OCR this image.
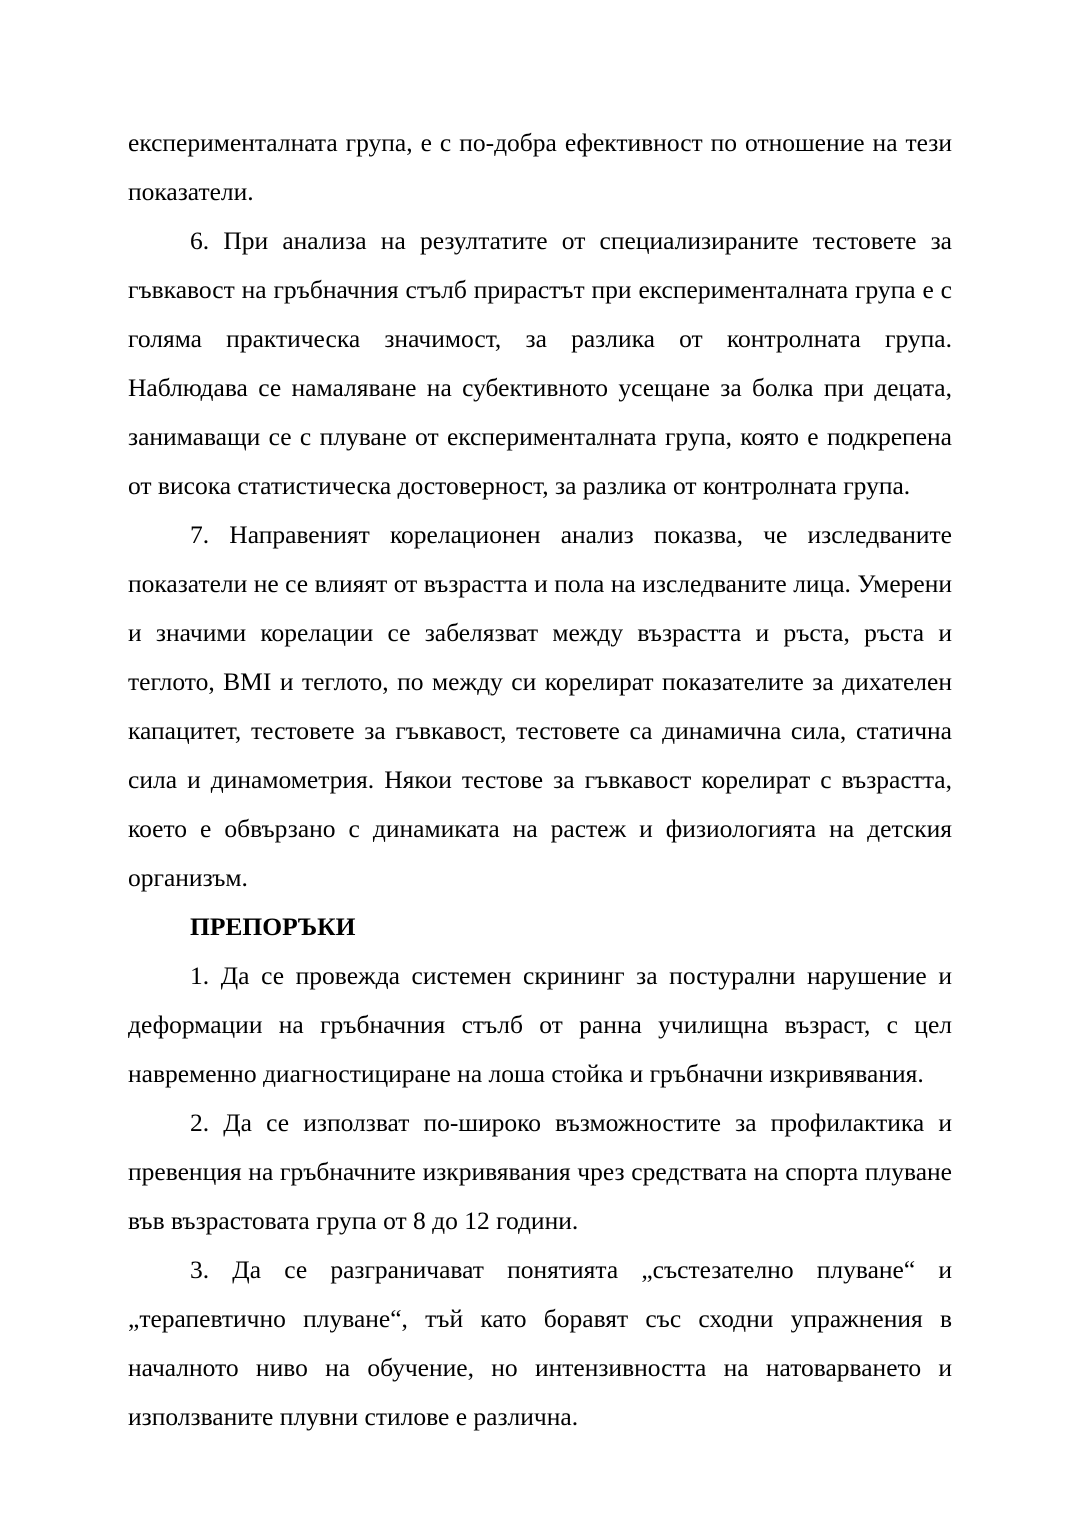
експерименталната група, е с по-добра ефективност по отношение на тези показатели.

6. При анализа на резултатите от специализираните тестовете за гъвкавост на гръбначния стълб прирастът при експерименталната група е с голяма практическа значимост, за разлика от контролната група. Наблюдава се намаляване на субективното усещане за болка при децата, занимаващи се с плуване от експерименталната група, която е подкрепена от висока статистическа достоверност, за разлика от контролната група.

7. Направеният корелационен анализ показва, че изследваните показатели не се влияят от възрастта и пола на изследваните лица. Умерени и значими корелации се забелязват между възрастта и ръста, ръста и теглото, BMI и теглото, по между си корелират показателите за дихателен капацитет, тестовете за гъвкавост, тестовете са динамична сила, статична сила и динамометрия. Някои тестове за гъвкавост корелират с възрастта, което е обвързано с динамиката на растеж и физиологията на детския организъм.

ПРЕПОРЪКИ

1. Да се провежда системен скрининг за постурални нарушение и деформации на гръбначния стълб от ранна училищна възраст, с цел навременно диагностициране на лоша стойка и гръбначни изкривявания.

2. Да се използват по-широко възможностите за профилактика и превенция на гръбначните изкривявания чрез средствата на спорта плуване във възрастовата група от 8 до 12 години.

3. Да се разграничават понятията „състезателно плуване“ и „терапевтично плуване“, тъй като боравят със сходни упражнения в началното ниво на обучение, но интензивността на натоварването и използваните плувни стилове е различна.
